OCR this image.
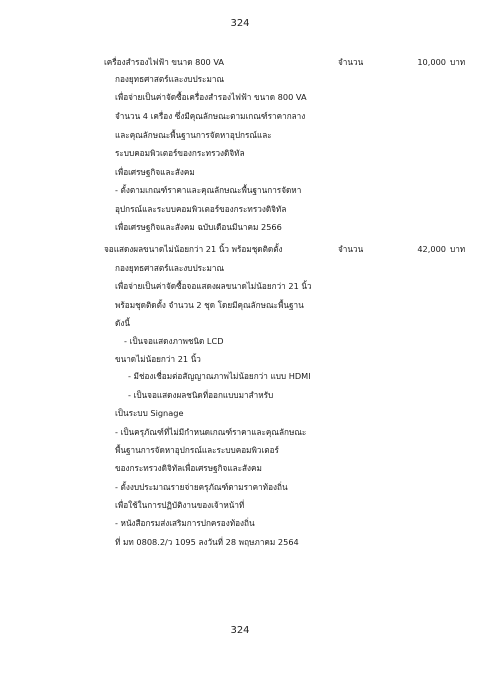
324
เครื่องสำรองไฟฟ้า ขนาด 800 VA	จำนวน	10,000 บาท
กองยุทธศาสตร์และงบประมาณ
เพื่อจ่ายเป็นค่าจัดซื้อเครื่องสำรองไฟฟ้า ขนาด 800 VA
จำนวน 4 เครื่อง ซึ่งมีคุณลักษณะตามเกณฑ์ราคากลาง
และคุณลักษณะพื้นฐานการจัดหาอุปกรณ์และ
ระบบคอมพิวเตอร์ของกระทรวงดิจิทัล
เพื่อเศรษฐกิจและสังคม
- ตั้งตามเกณฑ์ราคาและคุณลักษณะพื้นฐานการจัดหา
อุปกรณ์และระบบคอมพิวเตอร์ของกระทรวงดิจิทัล
เพื่อเศรษฐกิจและสังคม ฉบับเดือนมีนาคม 2566
จอแสดงผลขนาดไม่น้อยกว่า 21 นิ้ว พร้อมชุดติดตั้ง	จำนวน	42,000 บาท
กองยุทธศาสตร์และงบประมาณ
เพื่อจ่ายเป็นค่าจัดซื้อจอแสดงผลขนาดไม่น้อยกว่า 21 นิ้ว
พร้อมชุดติดตั้ง จำนวน 2 ชุด โดยมีคุณลักษณะพื้นฐาน
ดังนี้
- เป็นจอแสดงภาพชนิด LCD
ขนาดไม่น้อยกว่า 21 นิ้ว
- มีช่องเชื่อมต่อสัญญาณภาพไม่น้อยกว่า แบบ HDMI
- เป็นจอแสดงผลชนิดที่ออกแบบมาสำหรับ
เป็นระบบ Signage
- เป็นครุภัณฑ์ที่ไม่มีกำหนดเกณฑ์ราคาและคุณลักษณะ
พื้นฐานการจัดหาอุปกรณ์และระบบคอมพิวเตอร์
ของกระทรวงดิจิทัลเพื่อเศรษฐกิจและสังคม
- ตั้งงบประมาณรายจ่ายครุภัณฑ์ตามราคาท้องถิ่น
เพื่อใช้ในการปฏิบัติงานของเจ้าหน้าที่
- หนังสือกรมส่งเสริมการปกครองท้องถิ่น
ที่ มท 0808.2/ว 1095 ลงวันที่ 28 พฤษภาคม 2564
324
